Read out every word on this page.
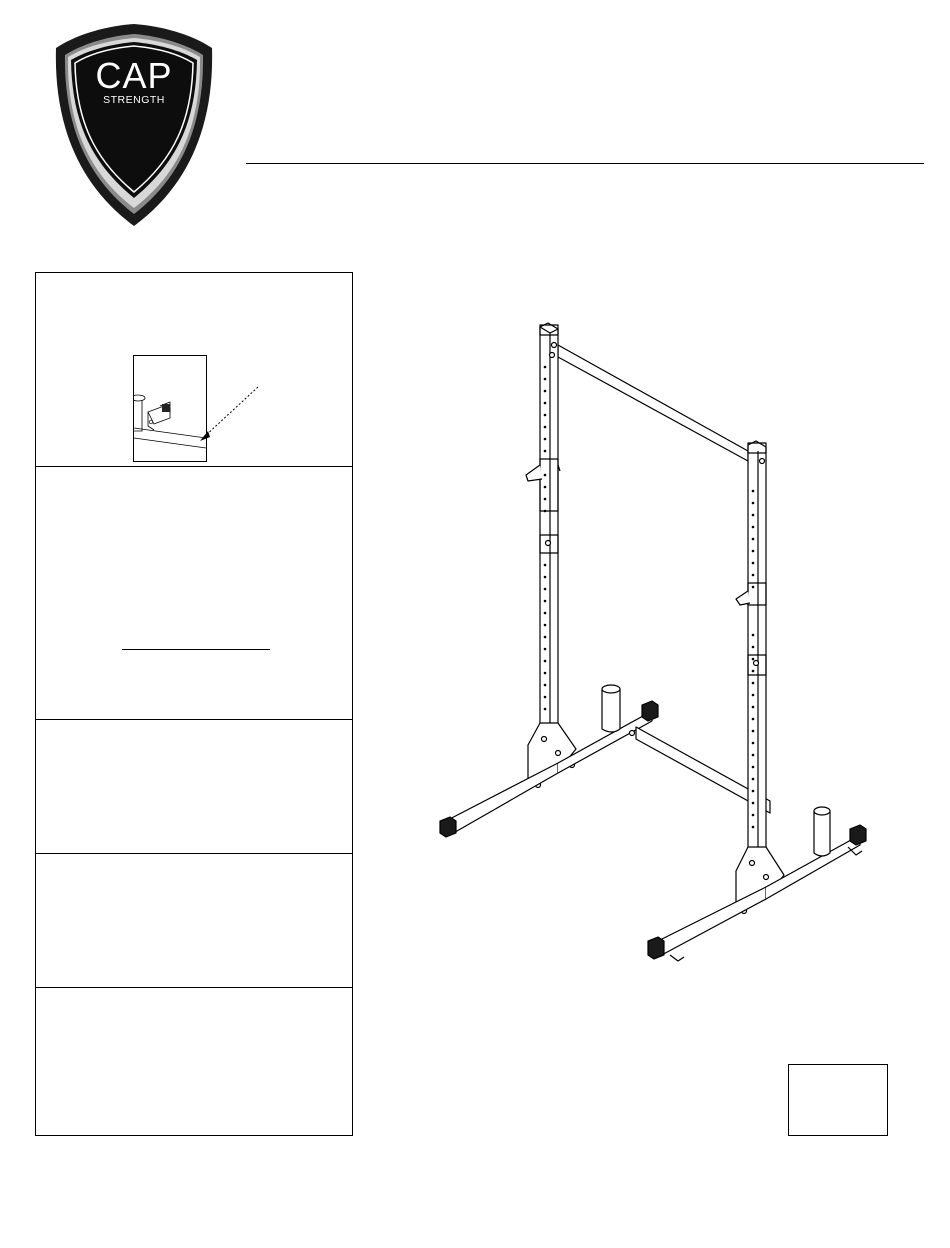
CAP
STRENGTH
